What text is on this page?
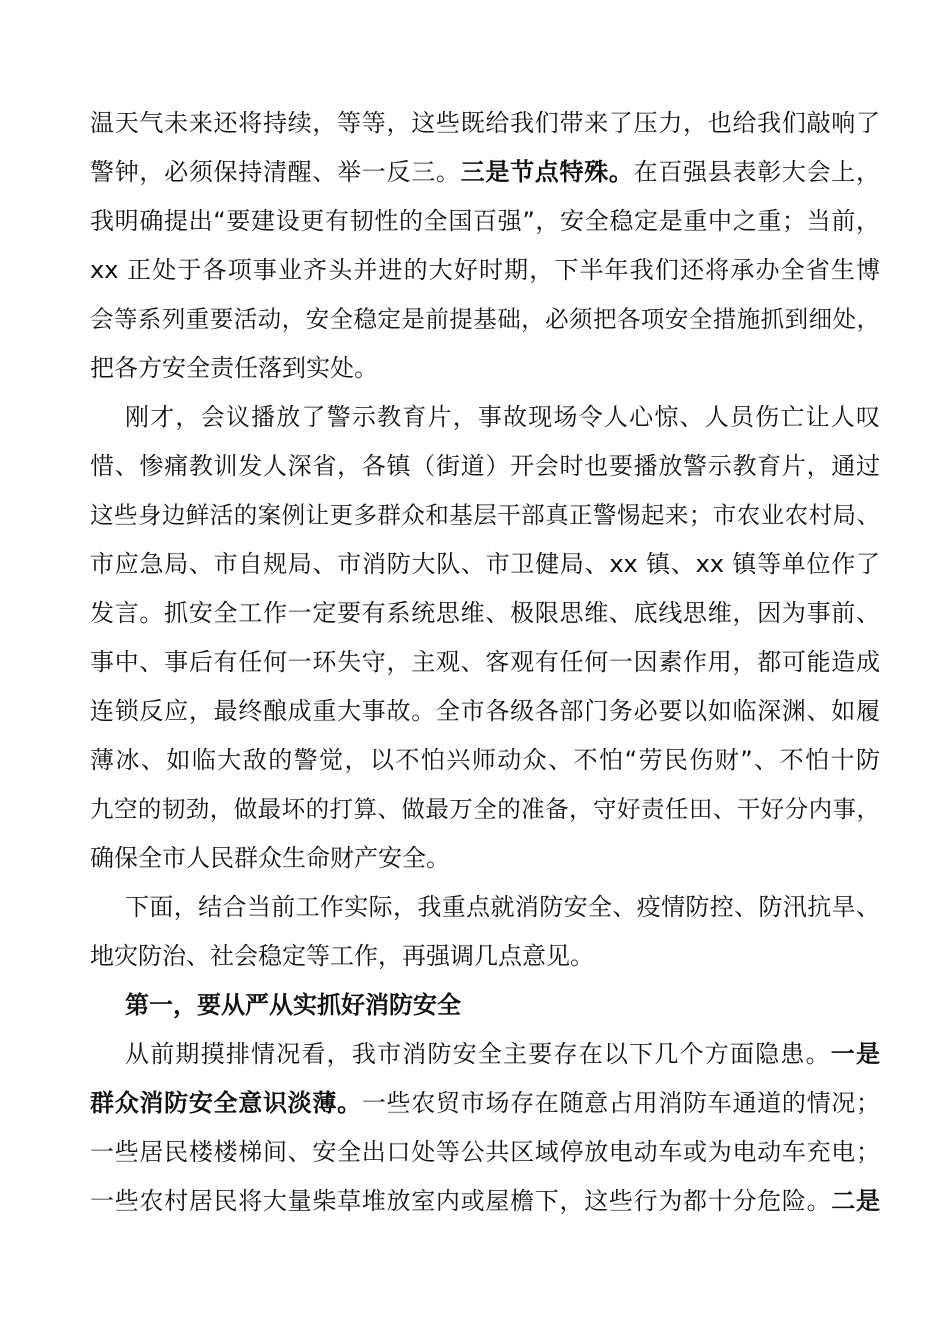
温天气未来还将持续，等等，这些既给我们带来了压力，也给我们敲响了
警钟，必须保持清醒、举一反三。三是节点特殊。在百强县表彰大会上，
我明确提出“要建设更有韧性的全国百强”，安全稳定是重中之重；当前，
xx 正处于各项事业齐头并进的大好时期，下半年我们还将承办全省生博
会等系列重要活动，安全稳定是前提基础，必须把各项安全措施抓到细处，
把各方安全责任落到实处。
刚才，会议播放了警示教育片，事故现场令人心惊、人员伤亡让人叹
惜、惨痛教训发人深省，各镇（街道）开会时也要播放警示教育片，通过
这些身边鲜活的案例让更多群众和基层干部真正警惕起来；市农业农村局、
市应急局、市自规局、市消防大队、市卫健局、xx 镇、xx 镇等单位作了
发言。抓安全工作一定要有系统思维、极限思维、底线思维，因为事前、
事中、事后有任何一环失守，主观、客观有任何一因素作用，都可能造成
连锁反应，最终酿成重大事故。全市各级各部门务必要以如临深渊、如履
薄冰、如临大敌的警觉，以不怕兴师动众、不怕“劳民伤财”、不怕十防
九空的韧劲，做最坏的打算、做最万全的准备，守好责任田、干好分内事，
确保全市人民群众生命财产安全。
下面，结合当前工作实际，我重点就消防安全、疫情防控、防汛抗旱、
地灾防治、社会稳定等工作，再强调几点意见。
第一，要从严从实抓好消防安全
从前期摸排情况看，我市消防安全主要存在以下几个方面隐患。一是
群众消防安全意识淡薄。一些农贸市场存在随意占用消防车通道的情况；
一些居民楼楼梯间、安全出口处等公共区域停放电动车或为电动车充电；
一些农村居民将大量柴草堆放室内或屋檐下，这些行为都十分危险。二是
